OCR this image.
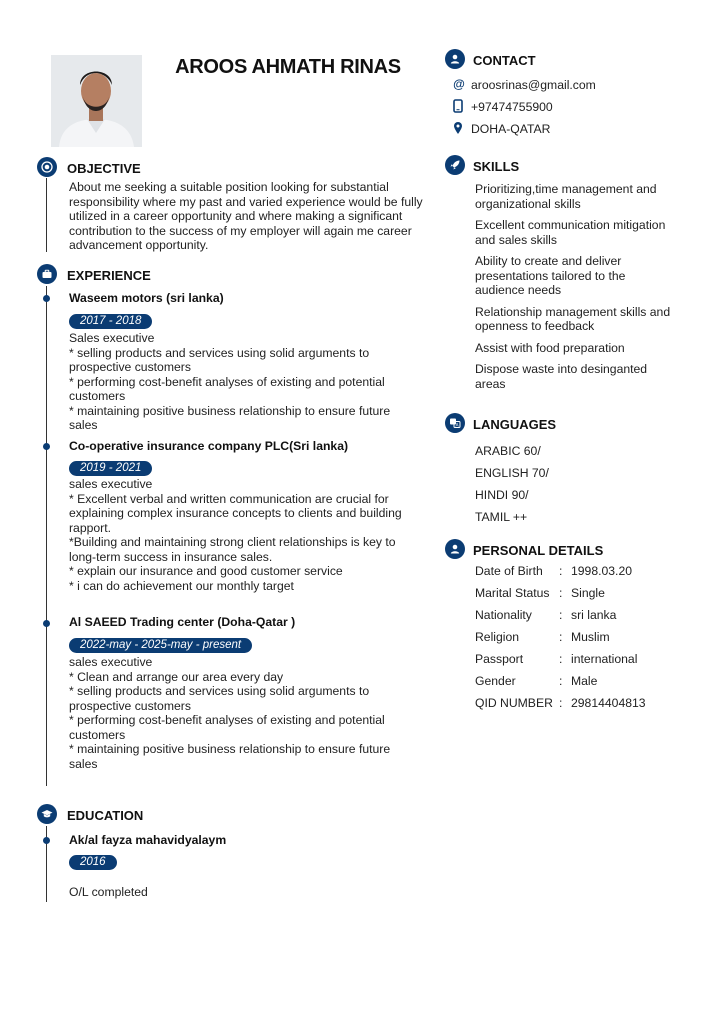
AROOS AHMATH RINAS
OBJECTIVE
About me seeking a suitable position looking for substantial
responsibility where my past and varied experience would be fully
utilized in a career opportunity and where making a significant
contribution to the success of my employer will again me career
advancement opportunity.
EXPERIENCE
Waseem motors (sri lanka)
2017 - 2018
Sales executive
* selling products and services using solid arguments to
prospective customers
* performing cost-benefit analyses of existing and potential
customers
* maintaining positive business relationship to ensure future
sales
Co-operative insurance company PLC(Sri lanka)
2019 - 2021
sales executive
* Excellent verbal and written communication are crucial for
explaining complex insurance concepts to clients and building
rapport.
*Building and maintaining strong client relationships is key to
long-term success in insurance sales.
* explain our insurance and good customer service
* i can do achievement our monthly target
Al SAEED Trading center (Doha-Qatar )
2022-may - 2025-may - present
sales executive
* Clean and arrange our area every day
* selling products and services using solid arguments to
prospective customers
* performing cost-benefit analyses of existing and potential
customers
* maintaining positive business relationship to ensure future
sales
EDUCATION
Ak/al fayza mahavidyalaym
2016
O/L completed
CONTACT
@ aroosrinas@gmail.com
+97474755900
DOHA-QATAR
SKILLS
Prioritizing,time management and
organizational skills
Excellent communication mitigation
and sales skills
Ability to create and deliver
presentations tailored to the
audience needs
Relationship management skills and
openness to feedback
Assist with food preparation
Dispose waste into desinganted
areas
A LANGUAGES
ARABIC 60/
ENGLISH 70/
HINDI 90/
TAMIL ++
PERSONAL DETAILS
Date of Birth	: 1998.03.20
Marital Status : Single
Nationality	: sri lanka
Religion	: Muslim
Passport	: international
Gender	: Male
QID NUMBER : 29814404813
